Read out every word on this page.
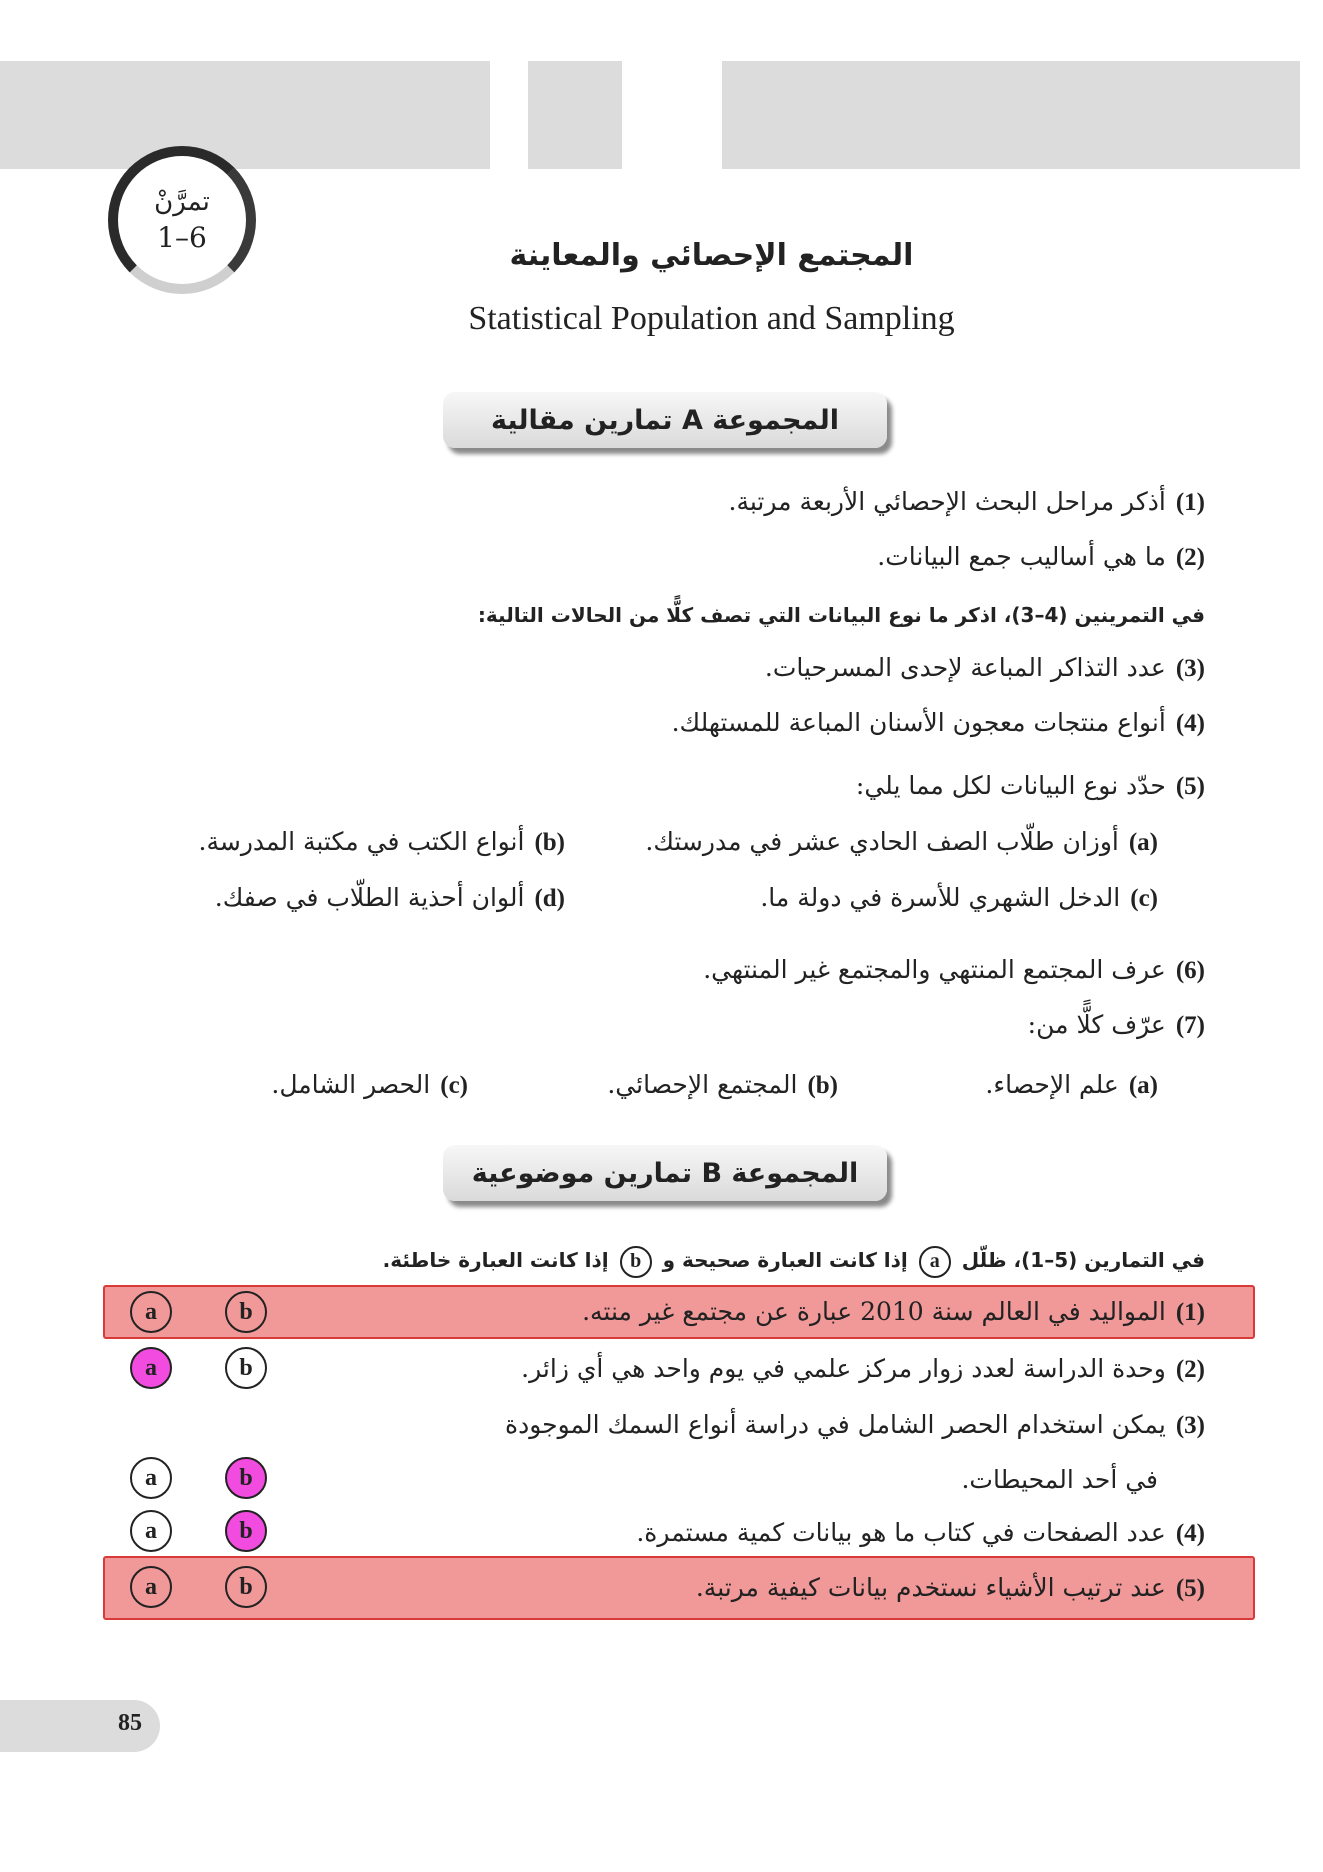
تمرَّنْ
1–6
المجتمع الإحصائي والمعاينة
Statistical Population and Sampling
المجموعة A تمارين مقالية
(1)أذكر مراحل البحث الإحصائي الأربعة مرتبة.
(2)ما هي أساليب جمع البيانات.
في التمرينين (4–3)، اذكر ما نوع البيانات التي تصف كلًّا من الحالات التالية:
(3)عدد التذاكر المباعة لإحدى المسرحيات.
(4)أنواع منتجات معجون الأسنان المباعة للمستهلك.
(5)حدّد نوع البيانات لكل مما يلي:
(a)أوزان طلّاب الصف الحادي عشر في مدرستك.
(b)أنواع الكتب في مكتبة المدرسة.
(c)الدخل الشهري للأسرة في دولة ما.
(d)ألوان أحذية الطلّاب في صفك.
(6)عرف المجتمع المنتهي والمجتمع غير المنتهي.
(7)عرّف كلًّا من:
(a)علم الإحصاء.
(b)المجتمع الإحصائي.
(c)الحصر الشامل.
المجموعة B تمارين موضوعية
في التمارين (5–1)، ظلّل a إذا كانت العبارة صحيحة و b إذا كانت العبارة خاطئة.
(1)المواليد في العالم سنة 2010 عبارة عن مجتمع غير منته.
a	b
(2)وحدة الدراسة لعدد زوار مركز علمي في يوم واحد هي أي زائر.
a	b
(3)يمكن استخدام الحصر الشامل في دراسة أنواع السمك الموجودة
في أحد المحيطات.
a	b
(4)عدد الصفحات في كتاب ما هو بيانات كمية مستمرة.
a	b
(5)عند ترتيب الأشياء نستخدم بيانات كيفية مرتبة.
a	b
85
